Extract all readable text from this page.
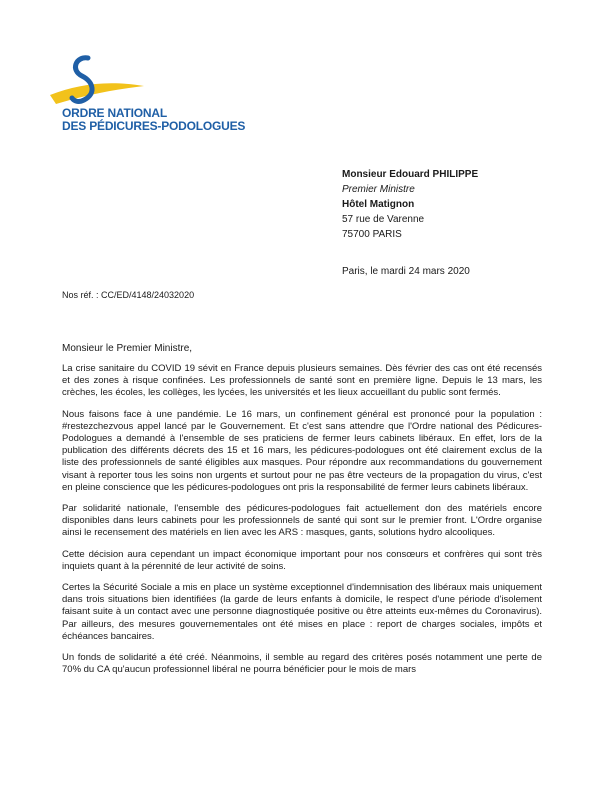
ORDRE NATIONAL
DES PÉDICURES-PODOLOGUES
Monsieur Edouard PHILIPPE
Premier Ministre
Hôtel Matignon
57 rue de Varenne
75700 PARIS
Paris, le mardi 24 mars 2020
Nos réf. : CC/ED/4148/24032020
Monsieur le Premier Ministre,

La crise sanitaire du COVID 19 sévit en France depuis plusieurs semaines. Dès février des cas ont été recensés et des zones à risque confinées. Les professionnels de santé sont en première ligne. Depuis le 13 mars, les crèches, les écoles, les collèges, les lycées, les universités et les lieux accueillant du public sont fermés.

Nous faisons face à une pandémie. Le 16 mars, un confinement général est prononcé pour la population : #restezchezvous appel lancé par le Gouvernement. Et c'est sans attendre que l'Ordre national des Pédicures-Podologues a demandé à l'ensemble de ses praticiens de fermer leurs cabinets libéraux. En effet, lors de la publication des différents décrets des 15 et 16 mars, les pédicures-podologues ont été clairement exclus de la liste des professionnels de santé éligibles aux masques. Pour répondre aux recommandations du gouvernement visant à reporter tous les soins non urgents et surtout pour ne pas être vecteurs de la propagation du virus, c'est en pleine conscience que les pédicures-podologues ont pris la responsabilité de fermer leurs cabinets libéraux.

Par solidarité nationale, l'ensemble des pédicures-podologues fait actuellement don des matériels encore disponibles dans leurs cabinets pour les professionnels de santé qui sont sur le premier front. L'Ordre organise ainsi le recensement des matériels en lien avec les ARS : masques, gants, solutions hydro alcooliques.

Cette décision aura cependant un impact économique important pour nos consœurs et confrères qui sont très inquiets quant à la pérennité de leur activité de soins.

Certes la Sécurité Sociale a mis en place un système exceptionnel d'indemnisation des libéraux mais uniquement dans trois situations bien identifiées (la garde de leurs enfants à domicile, le respect d'une période d'isolement faisant suite à un contact avec une personne diagnostiquée positive ou être atteints eux-mêmes du Coronavirus). Par ailleurs, des mesures gouvernementales ont été mises en place : report de charges sociales, impôts et échéances bancaires.

Un fonds de solidarité a été créé. Néanmoins, il semble au regard des critères posés notamment une perte de 70% du CA qu'aucun professionnel libéral ne pourra bénéficier pour le mois de mars
